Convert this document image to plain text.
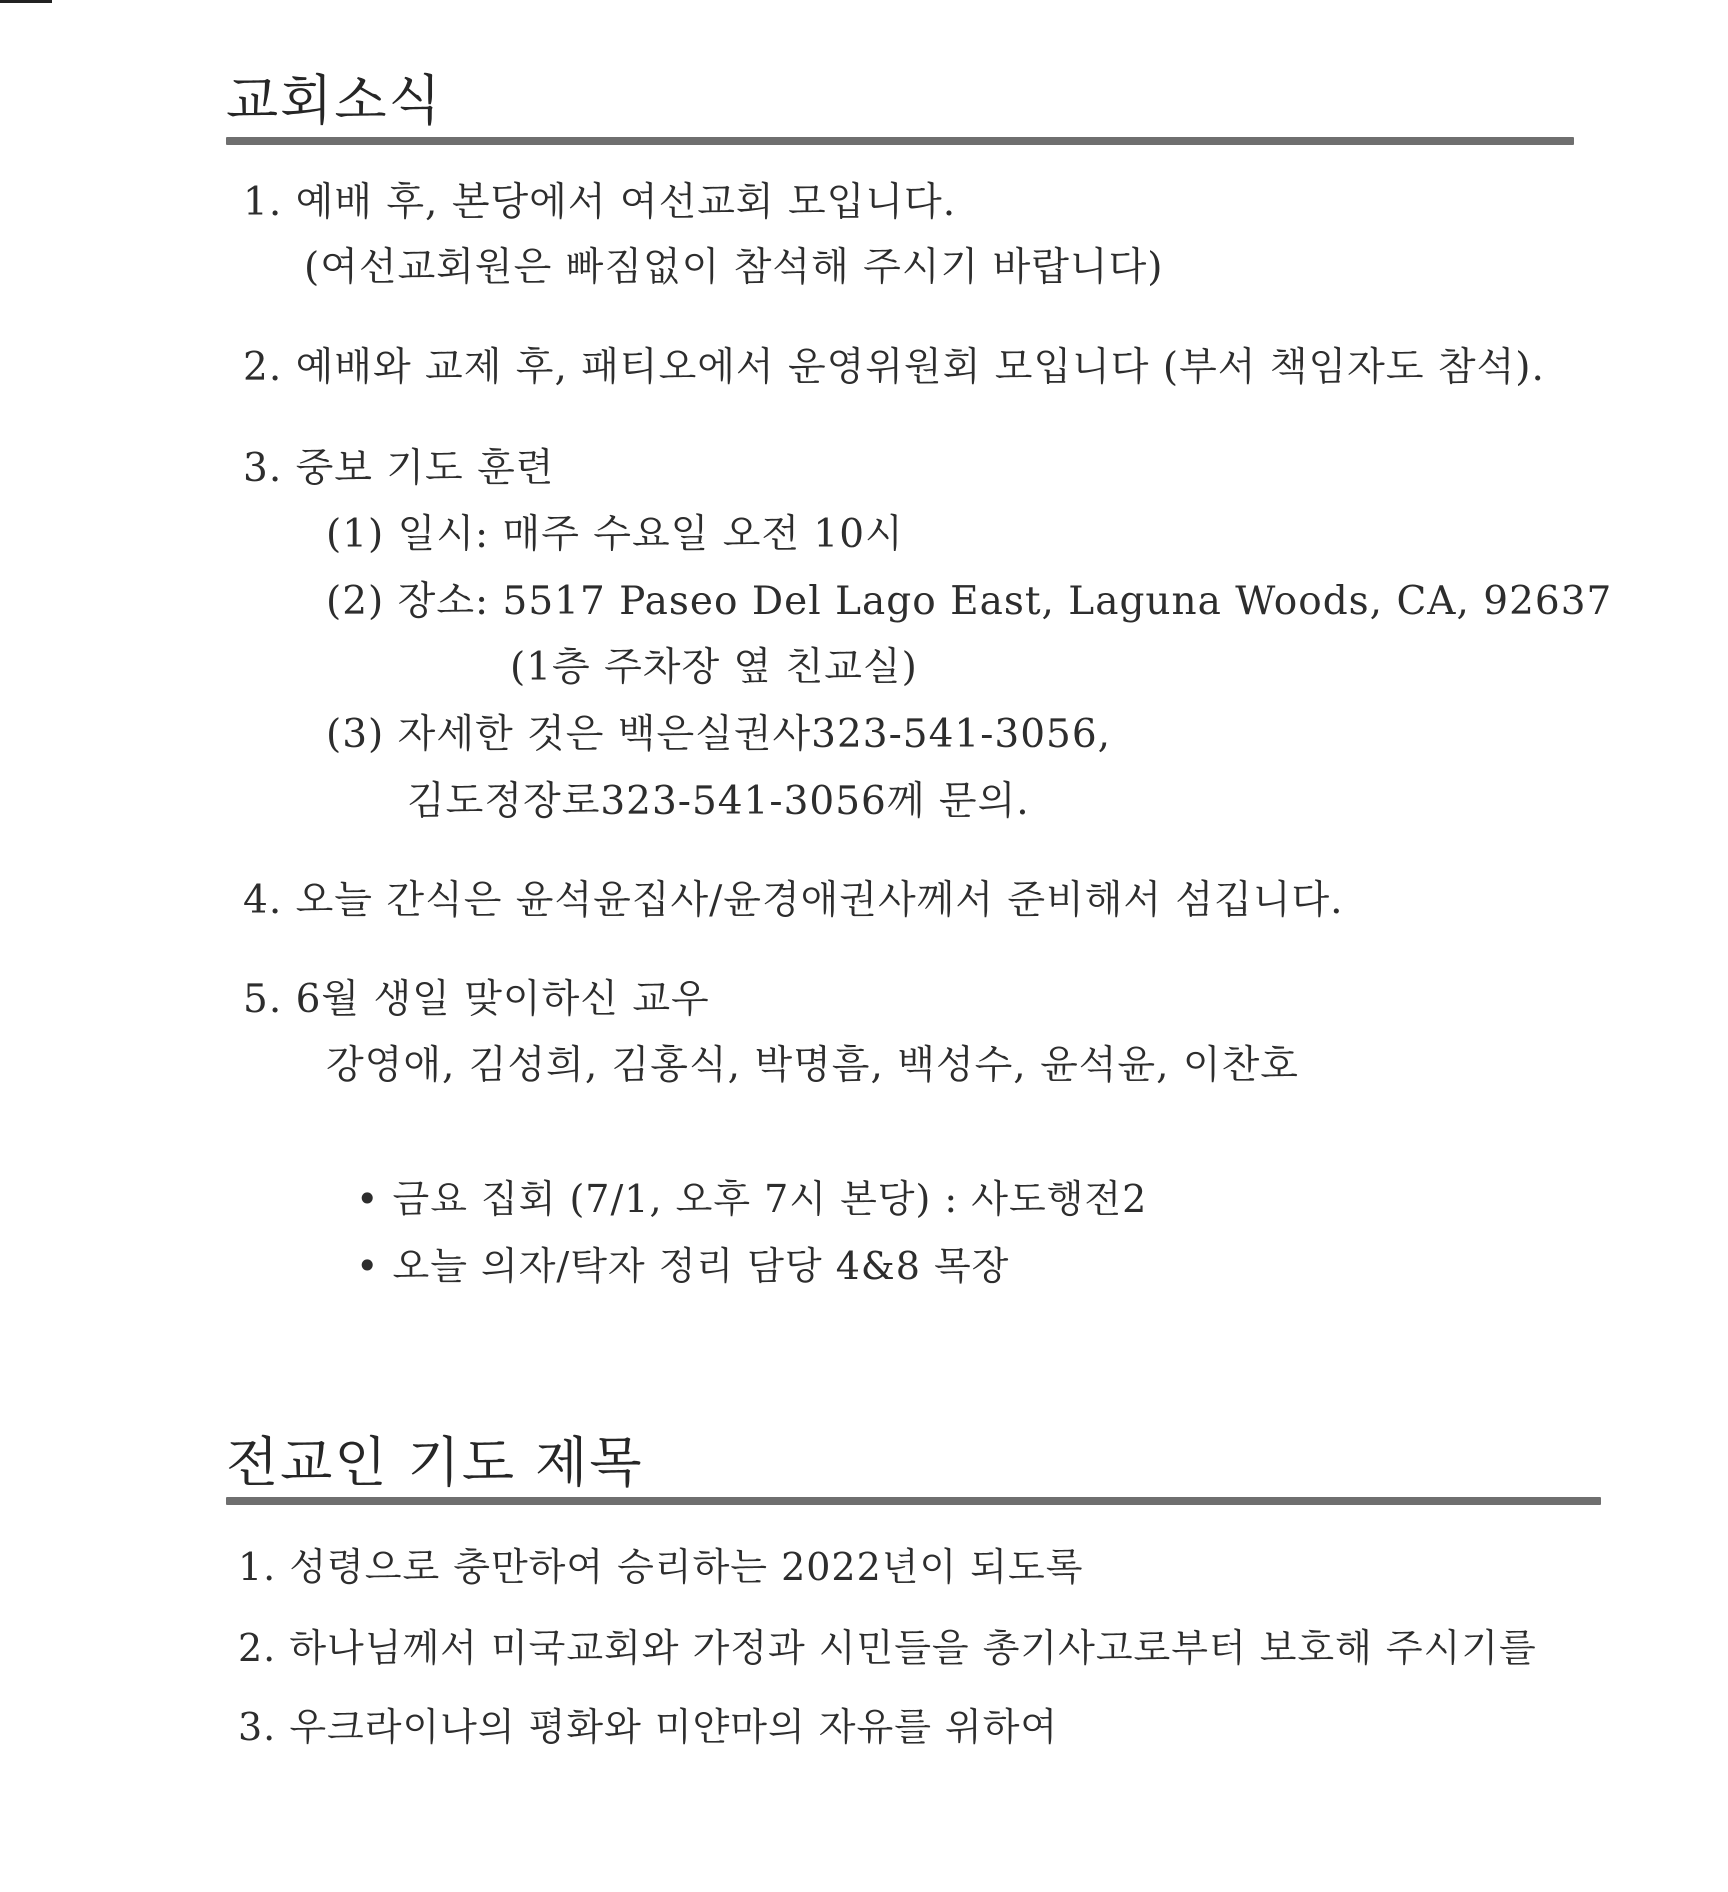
교회소식
1. 예배 후, 본당에서 여선교회 모입니다.
(여선교회원은 빠짐없이 참석해 주시기 바랍니다)
2. 예배와 교제 후, 패티오에서 운영위원회 모입니다 (부서 책임자도 참석).
3. 중보 기도 훈련
(1) 일시: 매주 수요일 오전 10시
(2) 장소: 5517 Paseo Del Lago East, Laguna Woods, CA, 92637
(1층 주차장 옆 친교실)
(3) 자세한 것은 백은실권사323-541-3056,
김도정장로323-541-3056께 문의.
4. 오늘 간식은 윤석윤집사/윤경애권사께서 준비해서 섬깁니다.
5. 6월 생일 맞이하신 교우
강영애, 김성희, 김홍식, 박명흠, 백성수, 윤석윤, 이찬호
• 금요 집회 (7/1, 오후 7시 본당) : 사도행전2
• 오늘 의자/탁자 정리 담당 4&8 목장
전교인 기도 제목
1. 성령으로 충만하여 승리하는 2022년이 되도록
2. 하나님께서 미국교회와 가정과 시민들을 총기사고로부터 보호해 주시기를
3. 우크라이나의 평화와 미얀마의 자유를 위하여
